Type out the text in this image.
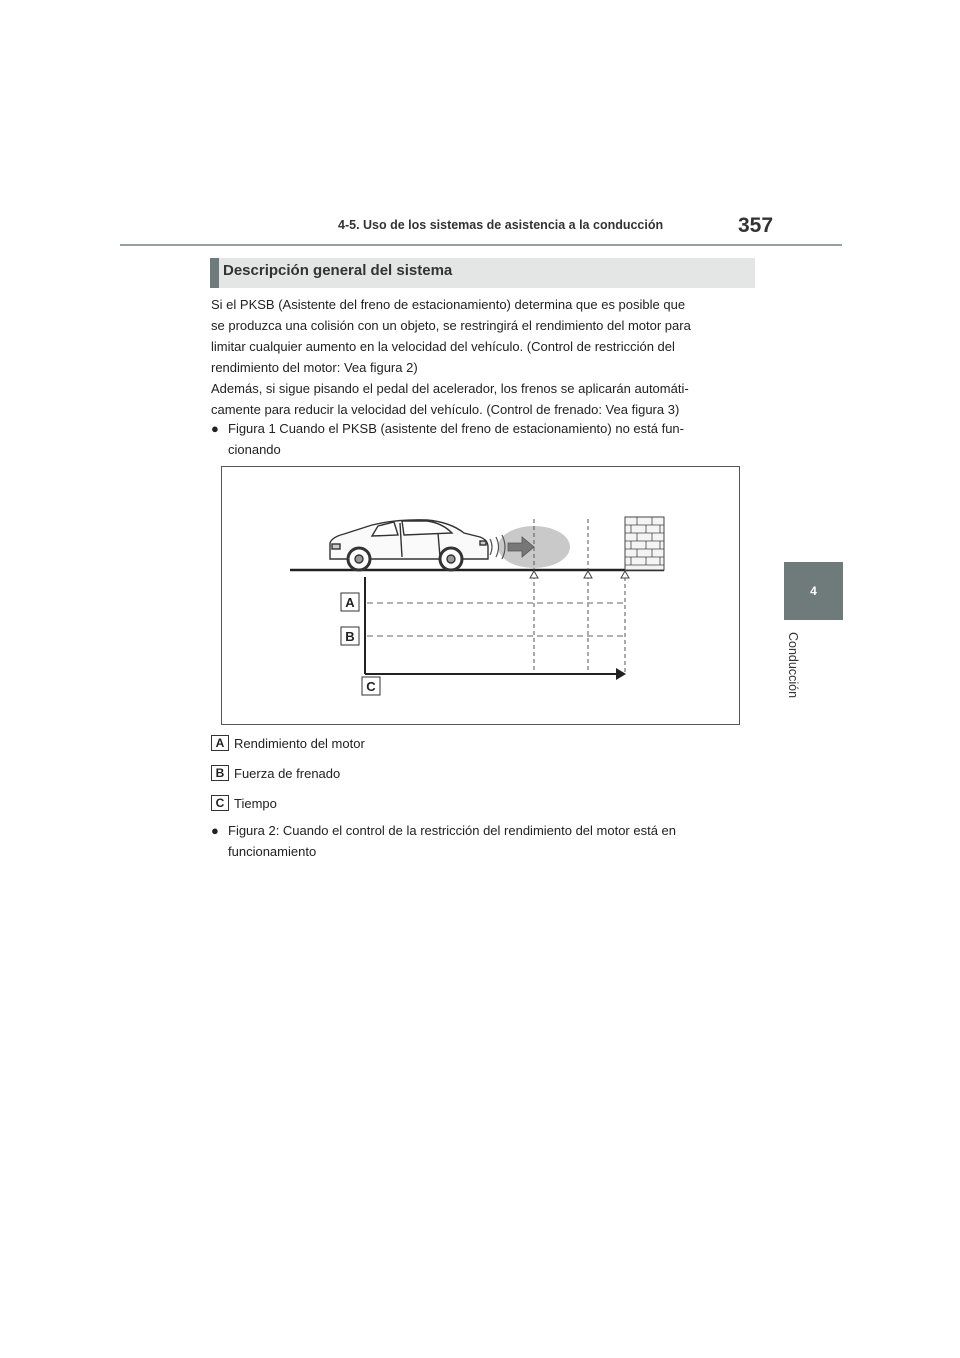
4-5. Uso de los sistemas de asistencia a la conducción	357
4
Conducción
Descripción general del sistema
Si el PKSB (Asistente del freno de estacionamiento) determina que es posible que
se produzca una colisión con un objeto, se restringirá el rendimiento del motor para
limitar cualquier aumento en la velocidad del vehículo. (Control de restricción del
rendimiento del motor: Vea figura 2)
Además, si sigue pisando el pedal del acelerador, los frenos se aplicarán automáti-
camente para reducir la velocidad del vehículo. (Control de frenado: Vea figura 3)
● Figura 1 Cuando el PKSB (asistente del freno de estacionamiento) no está fun-
cionando
A
B
C
A Rendimiento del motor
B Fuerza de frenado
C Tiempo
● Figura 2: Cuando el control de la restricción del rendimiento del motor está en
funcionamiento
